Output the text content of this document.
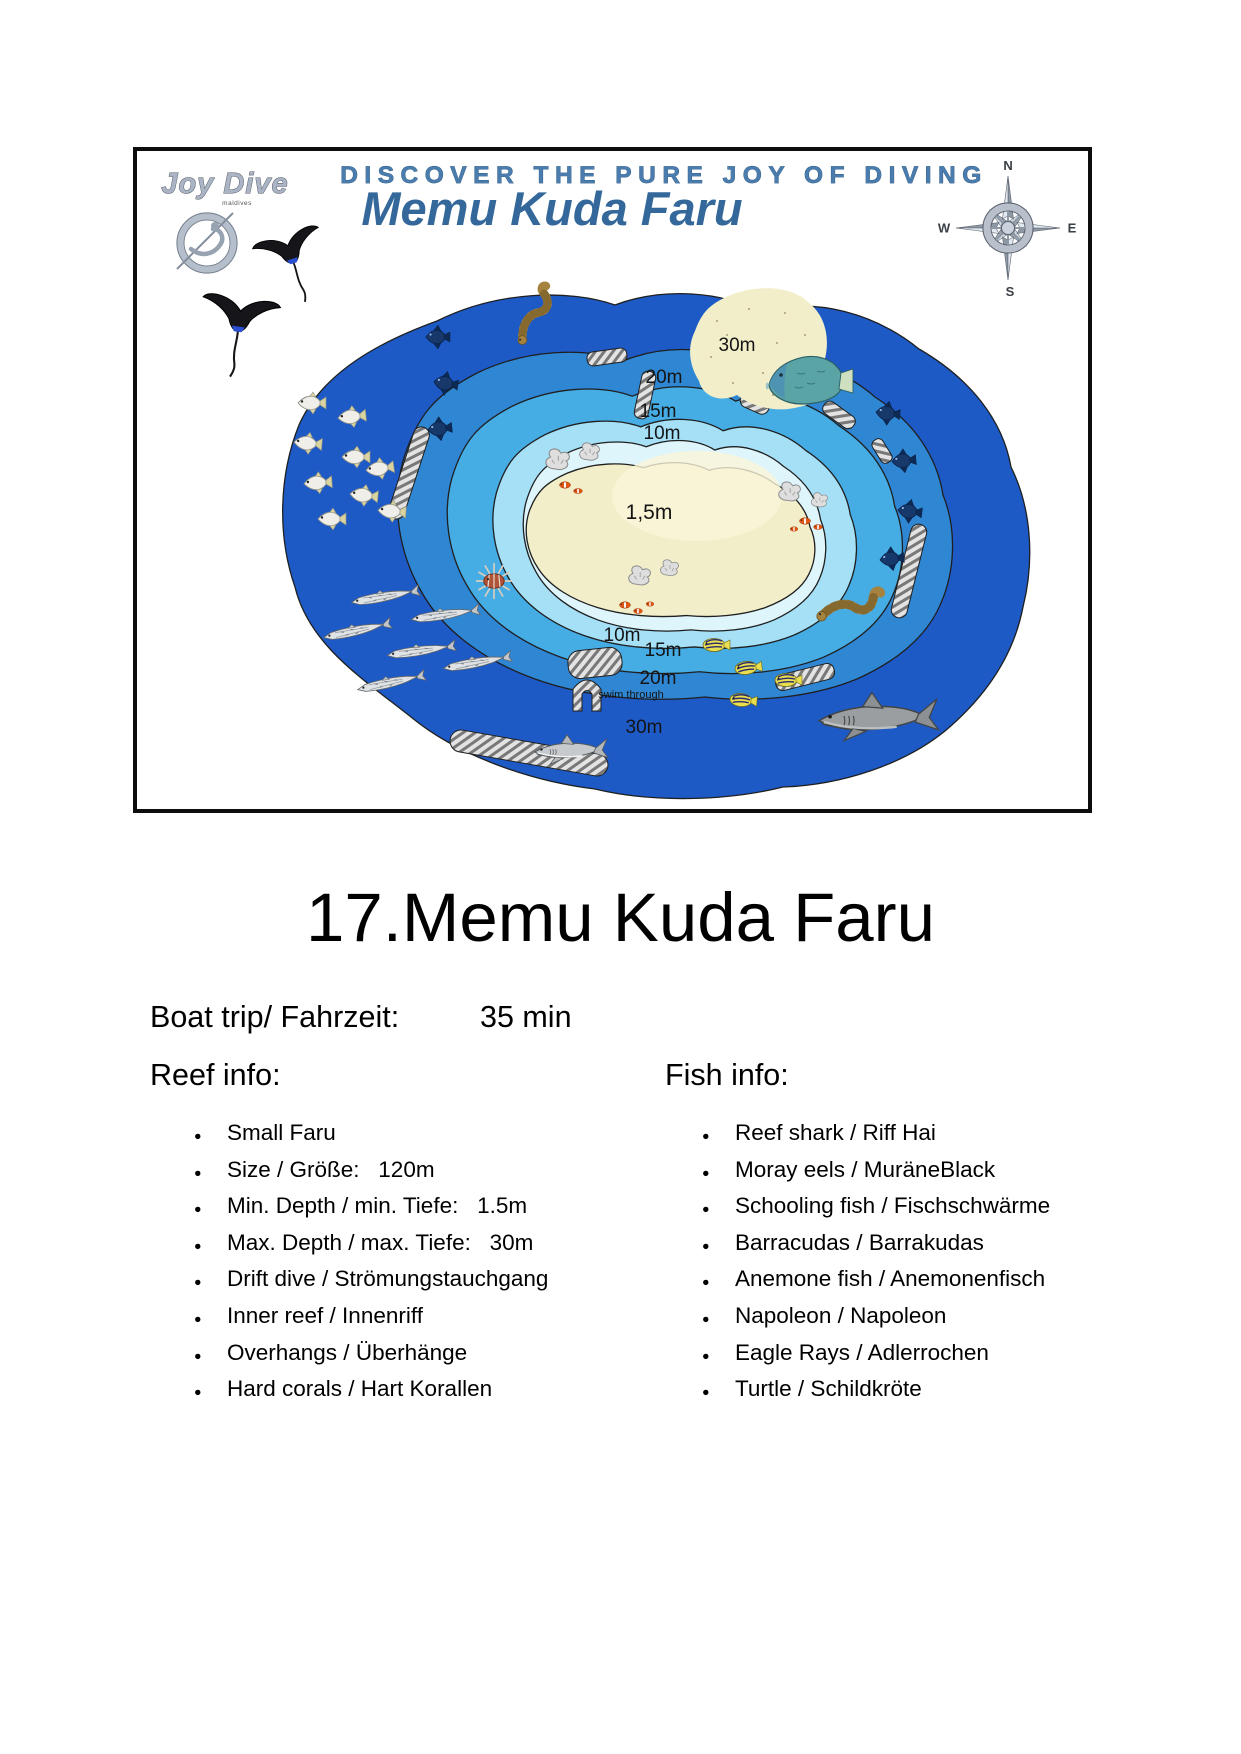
DISCOVER THE PURE JOY OF DIVING
Joy Dive
maldives Memu Kuda Faru
N
E
S
W
30m
20m
15m
10m
1,5m
10m
15m
20m
30m
swim through
17.Memu Kuda Faru
Boat trip/ Fahrzeit:	35 min
Reef info:	Fish info:
● Small Faru
● Size / Größe:   120m
● Min. Depth / min. Tiefe:   1.5m
● Max. Depth / max. Tiefe:   30m
● Drift dive / Strömungstauchgang
● Inner reef / Innenriff
● Overhangs / Überhänge
● Hard corals / Hart Korallen
● Reef shark / Riff Hai
● Moray eels / MuräneBlack
● Schooling fish / Fischschwärme
● Barracudas / Barrakudas
● Anemone fish / Anemonenfisch
● Napoleon / Napoleon
● Eagle Rays / Adlerrochen
● Turtle / Schildkröte
